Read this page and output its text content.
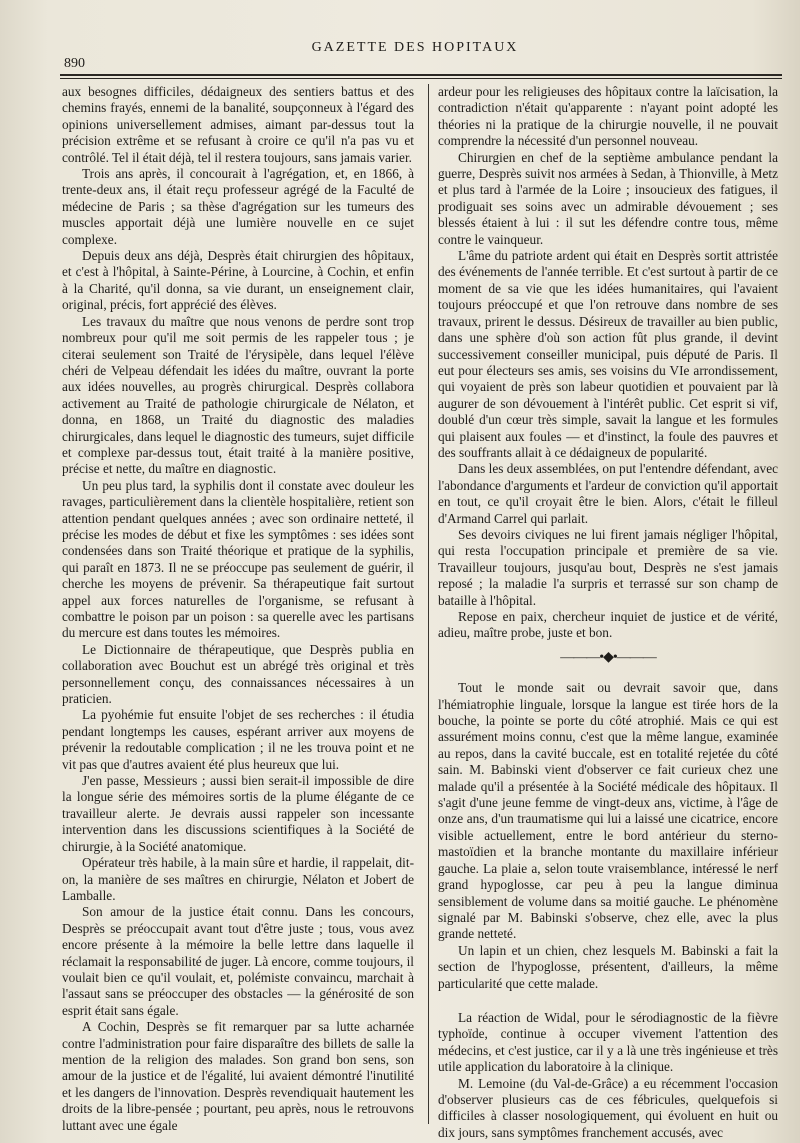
890
GAZETTE DES HOPITAUX

aux besognes difficiles, dédaigneux des sentiers battus et des chemins frayés, ennemi de la banalité, soupçonneux à l'égard des opinions universellement admises, aimant par-dessus tout la précision extrême et se refusant à croire ce qu'il n'a pas vu et contrôlé. Tel il était déjà, tel il restera toujours, sans jamais varier.

Trois ans après, il concourait à l'agrégation, et, en 1866, à trente-deux ans, il était reçu professeur agrégé de la Faculté de médecine de Paris ; sa thèse d'agrégation sur les tumeurs des muscles apportait déjà une lumière nouvelle en ce sujet complexe.

Depuis deux ans déjà, Desprès était chirurgien des hôpitaux, et c'est à l'hôpital, à Sainte-Périne, à Lourcine, à Cochin, et enfin à la Charité, qu'il donna, sa vie durant, un enseignement clair, original, précis, fort apprécié des élèves.

Les travaux du maître que nous venons de perdre sont trop nombreux pour qu'il me soit permis de les rappeler tous ; je citerai seulement son Traité de l'érysipèle, dans lequel l'élève chéri de Velpeau défendait les idées du maître, ouvrant la porte aux idées nouvelles, au progrès chirurgical. Desprès collabora activement au Traité de pathologie chirurgicale de Nélaton, et donna, en 1868, un Traité du diagnostic des maladies chirurgicales, dans lequel le diagnostic des tumeurs, sujet difficile et complexe par-dessus tout, était traité à la manière positive, précise et nette, du maître en diagnostic.

Un peu plus tard, la syphilis dont il constate avec douleur les ravages, particulièrement dans la clientèle hospitalière, retient son attention pendant quelques années ; avec son ordinaire netteté, il précise les modes de début et fixe les symptômes : ses idées sont condensées dans son Traité théorique et pratique de la syphilis, qui paraît en 1873. Il ne se préoccupe pas seulement de guérir, il cherche les moyens de prévenir. Sa thérapeutique fait surtout appel aux forces naturelles de l'organisme, se refusant à combattre le poison par un poison : sa querelle avec les partisans du mercure est dans toutes les mémoires.

Le Dictionnaire de thérapeutique, que Desprès publia en collaboration avec Bouchut est un abrégé très original et très personnellement conçu, des connaissances nécessaires à un praticien.

La pyohémie fut ensuite l'objet de ses recherches : il étudia pendant longtemps les causes, espérant arriver aux moyens de prévenir la redoutable complication ; il ne les trouva point et ne vit pas que d'autres avaient été plus heureux que lui.

J'en passe, Messieurs ; aussi bien serait-il impossible de dire la longue série des mémoires sortis de la plume élégante de ce travailleur alerte. Je devrais aussi rappeler son incessante intervention dans les discussions scientifiques à la Société de chirurgie, à la Société anatomique.

Opérateur très habile, à la main sûre et hardie, il rappelait, dit-on, la manière de ses maîtres en chirurgie, Nélaton et Jobert de Lamballe.

Son amour de la justice était connu. Dans les concours, Desprès se préoccupait avant tout d'être juste ; tous, vous avez encore présente à la mémoire la belle lettre dans laquelle il réclamait la responsabilité de juger. Là encore, comme toujours, il voulait bien ce qu'il voulait, et, polémiste convaincu, marchait à l'assaut sans se préoccuper des obstacles — la générosité de son esprit était sans égale.

A Cochin, Desprès se fit remarquer par sa lutte acharnée contre l'administration pour faire disparaître des billets de salle la mention de la religion des malades. Son grand bon sens, son amour de la justice et de l'égalité, lui avaient démontré l'inutilité et les dangers de l'innovation. Desprès revendiquait hautement les droits de la libre-pensée ; pourtant, peu après, nous le retrouvons luttant avec une égale

ardeur pour les religieuses des hôpitaux contre la laïcisation, la contradiction n'était qu'apparente : n'ayant point adopté les théories ni la pratique de la chirurgie nouvelle, il ne pouvait comprendre la nécessité d'un personnel nouveau.

Chirurgien en chef de la septième ambulance pendant la guerre, Desprès suivit nos armées à Sedan, à Thionville, à Metz et plus tard à l'armée de la Loire ; insoucieux des fatigues, il prodiguait ses soins avec un admirable dévouement ; ses blessés étaient à lui : il sut les défendre contre tous, même contre le vainqueur.

L'âme du patriote ardent qui était en Desprès sortit attristée des événements de l'année terrible. Et c'est surtout à partir de ce moment de sa vie que les idées humanitaires, qui l'avaient toujours préoccupé et que l'on retrouve dans nombre de ses travaux, prirent le dessus. Désireux de travailler au bien public, dans une sphère d'où son action fût plus grande, il devint successivement conseiller municipal, puis député de Paris. Il eut pour électeurs ses amis, ses voisins du VIe arrondissement, qui voyaient de près son labeur quotidien et pouvaient par là augurer de son dévouement à l'intérêt public. Cet esprit si vif, doublé d'un cœur très simple, savait la langue et les formules qui plaisent aux foules — et d'instinct, la foule des pauvres et des souffrants allait à ce dédaigneux de popularité.

Dans les deux assemblées, on put l'entendre défendant, avec l'abondance d'arguments et l'ardeur de conviction qu'il apportait en tout, ce qu'il croyait être le bien. Alors, c'était le filleul d'Armand Carrel qui parlait.

Ses devoirs civiques ne lui firent jamais négliger l'hôpital, qui resta l'occupation principale et première de sa vie. Travailleur toujours, jusqu'au bout, Desprès ne s'est jamais reposé ; la maladie l'a surpris et terrassé sur son champ de bataille à l'hôpital.

Repose en paix, chercheur inquiet de justice et de vérité, adieu, maître probe, juste et bon.

———•◆•———

Tout le monde sait ou devrait savoir que, dans l'hémiatrophie linguale, lorsque la langue est tirée hors de la bouche, la pointe se porte du côté atrophié. Mais ce qui est assurément moins connu, c'est que la même langue, examinée au repos, dans la cavité buccale, est en totalité rejetée du côté sain. M. Babinski vient d'observer ce fait curieux chez une malade qu'il a présentée à la Société médicale des hôpitaux. Il s'agit d'une jeune femme de vingt-deux ans, victime, à l'âge de onze ans, d'un traumatisme qui lui a laissé une cicatrice, encore visible actuellement, entre le bord antérieur du sterno-mastoïdien et la branche montante du maxillaire inférieur gauche. La plaie a, selon toute vraisemblance, intéressé le nerf grand hypoglosse, car peu à peu la langue diminua sensiblement de volume dans sa moitié gauche. Le phénomène signalé par M. Babinski s'observe, chez elle, avec la plus grande netteté.

Un lapin et un chien, chez lesquels M. Babinski a fait la section de l'hypoglosse, présentent, d'ailleurs, la même particularité que cette malade.

La réaction de Widal, pour le sérodiagnostic de la fièvre typhoïde, continue à occuper vivement l'attention des médecins, et c'est justice, car il y a là une très ingénieuse et très utile application du laboratoire à la clinique.

M. Lemoine (du Val-de-Grâce) a eu récemment l'occasion d'observer plusieurs cas de ces fébricules, quelquefois si difficiles à classer nosologiquement, qui évoluent en huit ou dix jours, sans symptômes franchement accusés, avec
